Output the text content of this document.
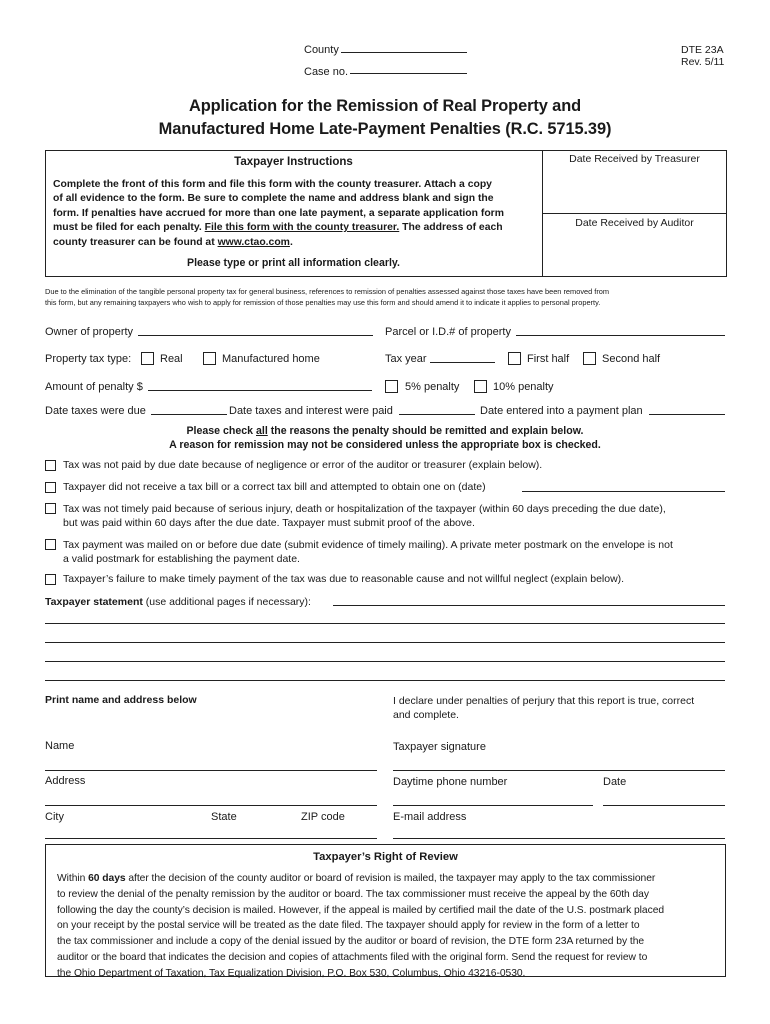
County
Case no.
DTE 23A
Rev. 5/11
Application for the Remission of Real Property and
Manufactured Home Late-Payment Penalties (R.C. 5715.39)
Taxpayer Instructions
Complete the front of this form and file this form with the county treasurer. Attach a copy
of all evidence to the form. Be sure to complete the name and address blank and sign the
form. If penalties have accrued for more than one late payment, a separate application form
must be filed for each penalty. File this form with the county treasurer. The address of each
county treasurer can be found at www.ctao.com.
Please type or print all information clearly.
Date Received by Treasurer
Date Received by Auditor
Due to the elimination of the tangible personal property tax for general business, references to remission of penalties assessed against those taxes have been removed from
this form, but any remaining taxpayers who wish to apply for remission of those penalties may use this form and should amend it to indicate it applies to personal property.
Owner of property	Parcel or I.D.# of property
Property tax type:	Real	Manufactured home	Tax year	First half	Second half
Amount of penalty $	5% penalty	10% penalty
Date taxes were due	Date taxes and interest were paid	Date entered into a payment plan
Please check all the reasons the penalty should be remitted and explain below.
A reason for remission may not be considered unless the appropriate box is checked.
Tax was not paid by due date because of negligence or error of the auditor or treasurer (explain below).
Taxpayer did not receive a tax bill or a correct tax bill and attempted to obtain one on (date)
Tax was not timely paid because of serious injury, death or hospitalization of the taxpayer (within 60 days preceding the due date),
but was paid within 60 days after the due date. Taxpayer must submit proof of the above.
Tax payment was mailed on or before due date (submit evidence of timely mailing). A private meter postmark on the envelope is not
a valid postmark for establishing the payment date.
Taxpayer’s failure to make timely payment of the tax was due to reasonable cause and not willful neglect (explain below).
Taxpayer statement (use additional pages if necessary):
Print name and address below	I declare under penalties of perjury that this report is true, correct
and complete.
Name	Taxpayer signature
Address	Daytime phone number	Date
City	State	ZIP code	E-mail address
Taxpayer’s Right of Review
Within 60 days after the decision of the county auditor or board of revision is mailed, the taxpayer may apply to the tax commissioner
to review the denial of the penalty remission by the auditor or board. The tax commissioner must receive the appeal by the 60th day
following the day the county’s decision is mailed. However, if the appeal is mailed by certified mail the date of the U.S. postmark placed
on your receipt by the postal service will be treated as the date filed. The taxpayer should apply for review in the form of a letter to
the tax commissioner and include a copy of the denial issued by the auditor or board of revision, the DTE form 23A returned by the
auditor or the board that indicates the decision and copies of attachments filed with the original form. Send the request for review to
the Ohio Department of Taxation, Tax Equalization Division, P.O. Box 530, Columbus, Ohio 43216-0530.
